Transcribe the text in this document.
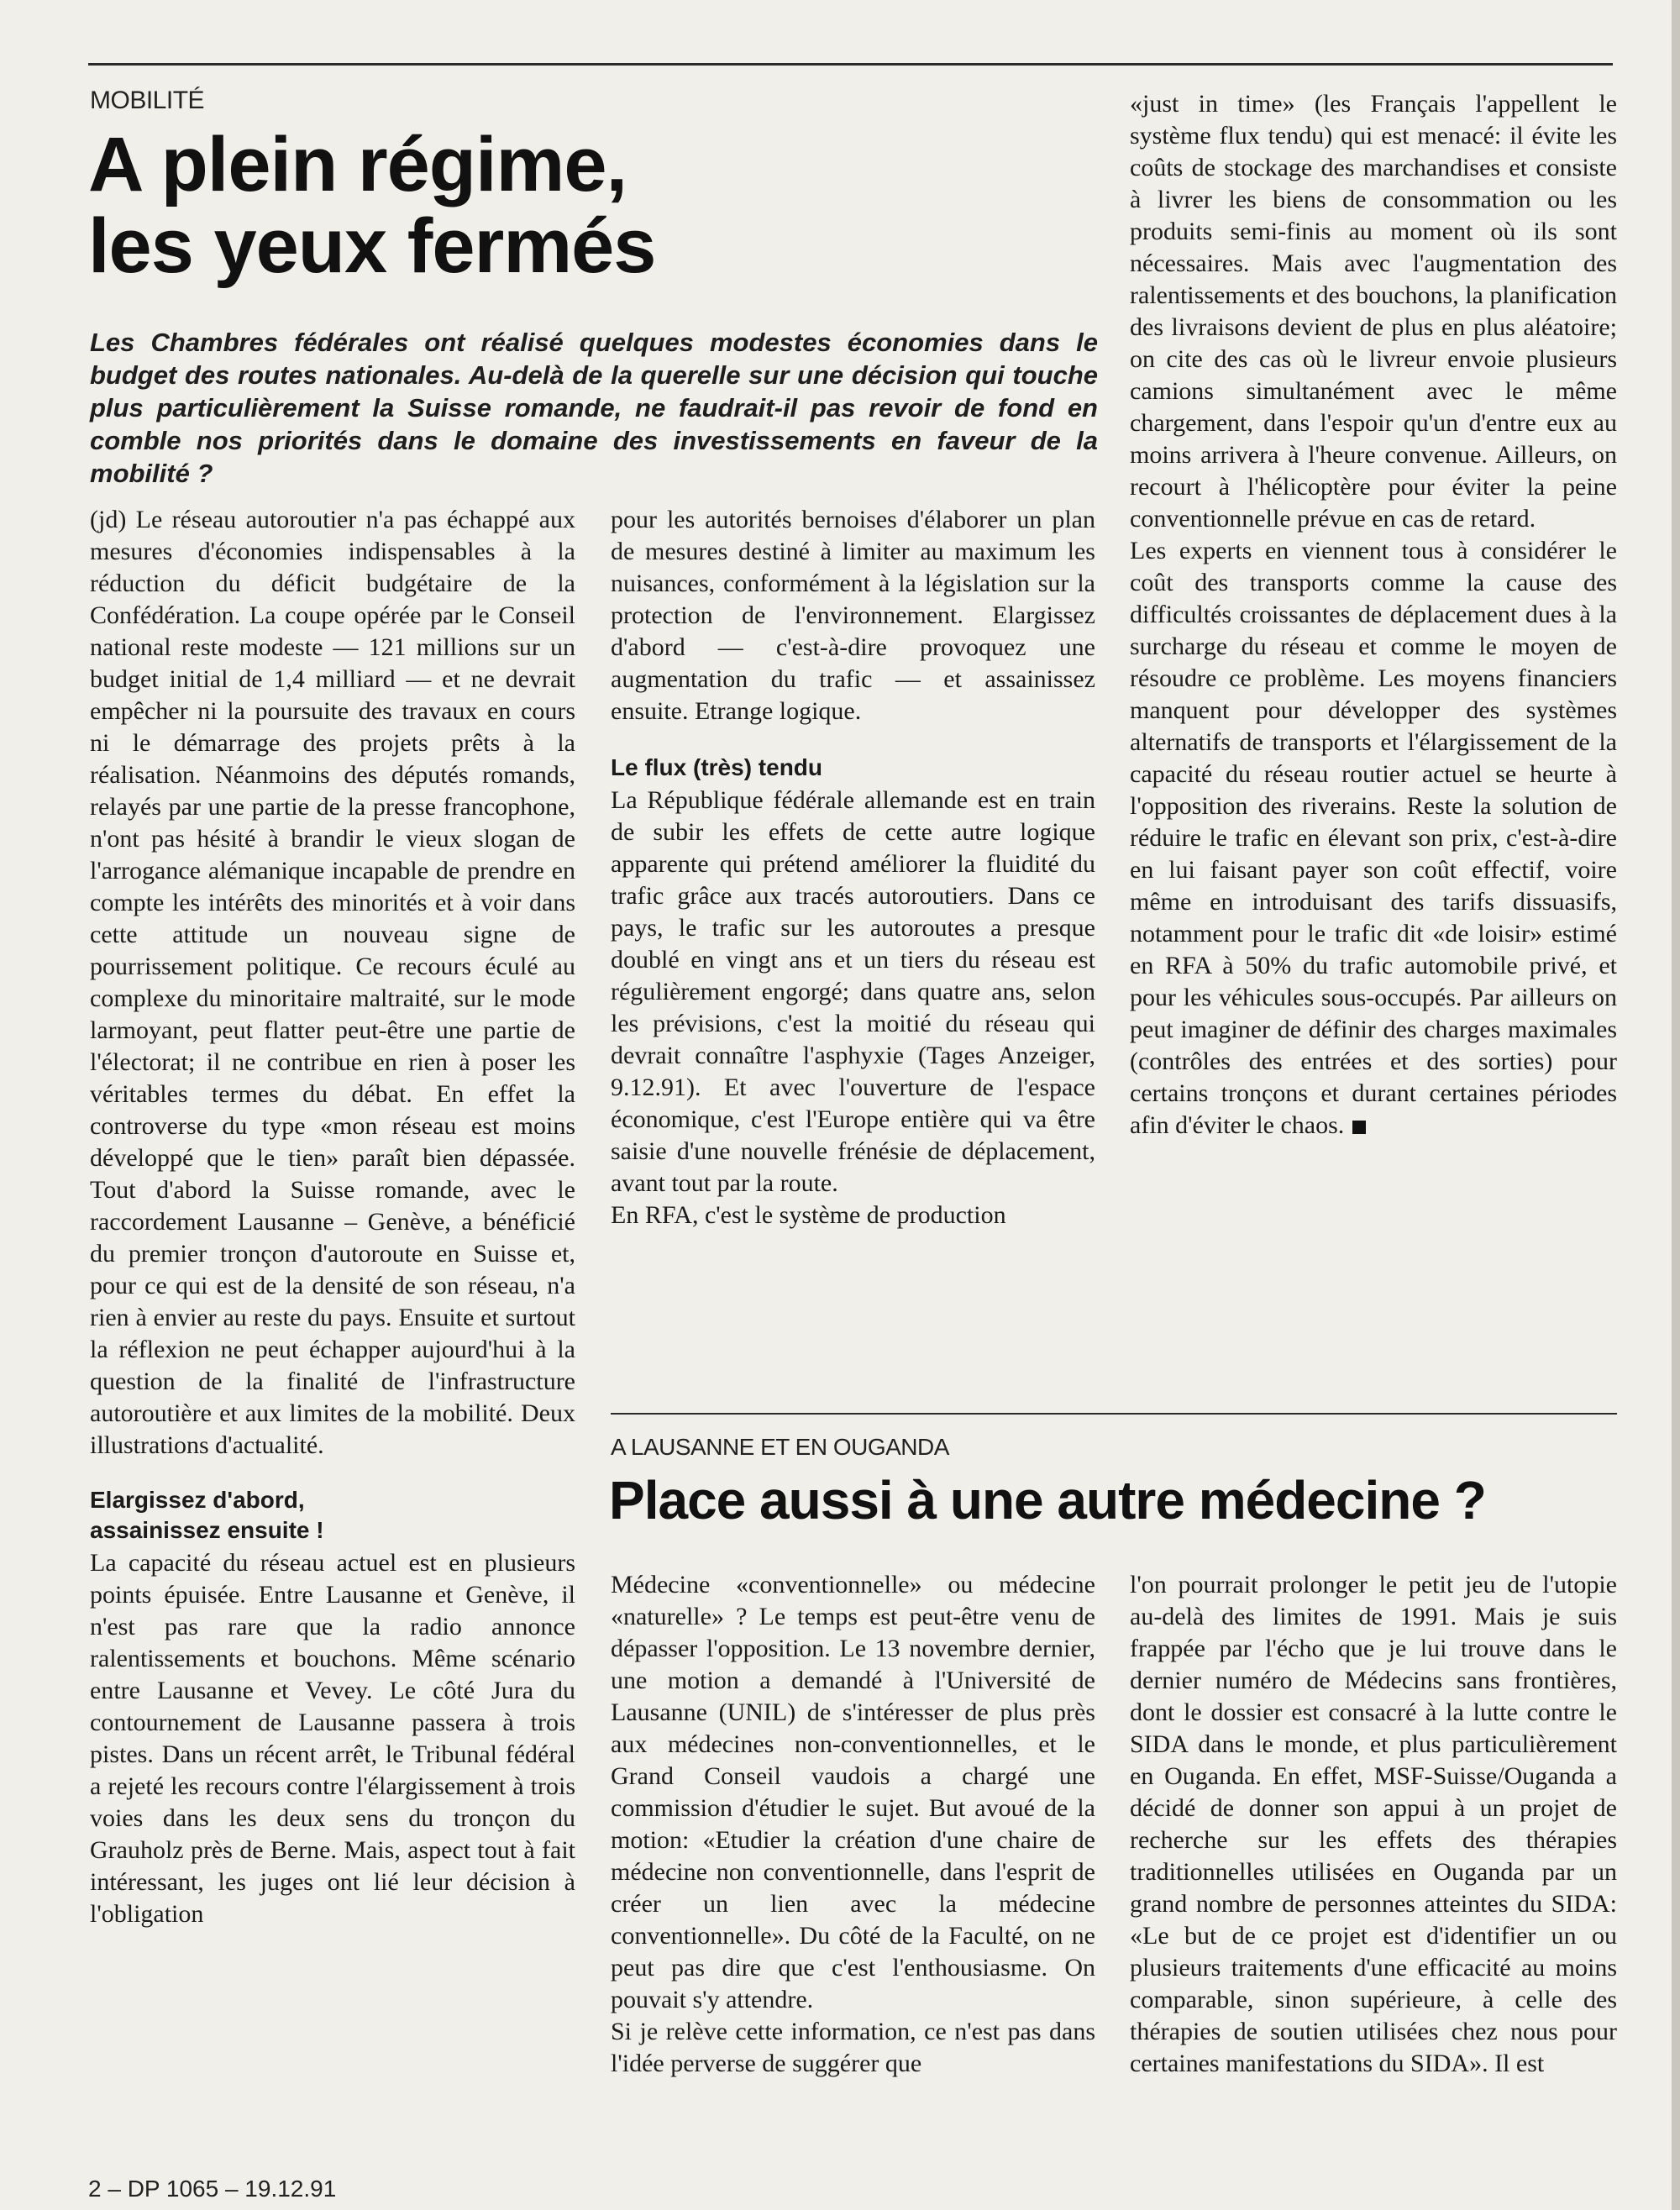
MOBILITÉ
A plein régime,
les yeux fermés
Les Chambres fédérales ont réalisé quelques modestes économies dans le budget des routes nationales. Au-delà de la querelle sur une décision qui touche plus particulièrement la Suisse romande, ne faudrait-il pas revoir de fond en comble nos priorités dans le domaine des investissements en faveur de la mobilité ?

(jd) Le réseau autoroutier n'a pas échappé aux mesures d'économies indispensables à la réduction du déficit budgétaire de la Confédération. La coupe opérée par le Conseil national reste modeste — 121 millions sur un budget initial de 1,4 milliard — et ne devrait empêcher ni la poursuite des travaux en cours ni le démarrage des projets prêts à la réalisation. Néanmoins des députés romands, relayés par une partie de la presse francophone, n'ont pas hésité à brandir le vieux slogan de l'arrogance alémanique incapable de prendre en compte les intérêts des minorités et à voir dans cette attitude un nouveau signe de pourrissement politique. Ce recours éculé au complexe du minoritaire maltraité, sur le mode larmoyant, peut flatter peut-être une partie de l'électorat; il ne contribue en rien à poser les véritables termes du débat. En effet la controverse du type «mon réseau est moins développé que le tien» paraît bien dépassée. Tout d'abord la Suisse romande, avec le raccordement Lausanne – Genève, a bénéficié du premier tronçon d'autoroute en Suisse et, pour ce qui est de la densité de son réseau, n'a rien à envier au reste du pays. Ensuite et surtout la réflexion ne peut échapper aujourd'hui à la question de la finalité de l'infrastructure autoroutière et aux limites de la mobilité. Deux illustrations d'actualité.

Elargissez d'abord,
assainissez ensuite !

La capacité du réseau actuel est en plusieurs points épuisée. Entre Lausanne et Genève, il n'est pas rare que la radio annonce ralentissements et bouchons. Même scénario entre Lausanne et Vevey. Le côté Jura du contournement de Lausanne passera à trois pistes. Dans un récent arrêt, le Tribunal fédéral a rejeté les recours contre l'élargissement à trois voies dans les deux sens du tronçon du Grauholz près de Berne. Mais, aspect tout à fait intéressant, les juges ont lié leur décision à l'obligation

pour les autorités bernoises d'élaborer un plan de mesures destiné à limiter au maximum les nuisances, conformément à la législation sur la protection de l'environnement. Elargissez d'abord — c'est-à-dire provoquez une augmentation du trafic — et assainissez ensuite. Etrange logique.

Le flux (très) tendu

La République fédérale allemande est en train de subir les effets de cette autre logique apparente qui prétend améliorer la fluidité du trafic grâce aux tracés autoroutiers. Dans ce pays, le trafic sur les autoroutes a presque doublé en vingt ans et un tiers du réseau est régulièrement engorgé; dans quatre ans, selon les prévisions, c'est la moitié du réseau qui devrait connaître l'asphyxie (Tages Anzeiger, 9.12.91). Et avec l'ouverture de l'espace économique, c'est l'Europe entière qui va être saisie d'une nouvelle frénésie de déplacement, avant tout par la route.

En RFA, c'est le système de production

«just in time» (les Français l'appellent le système flux tendu) qui est menacé: il évite les coûts de stockage des marchandises et consiste à livrer les biens de consommation ou les produits semi-finis au moment où ils sont nécessaires. Mais avec l'augmentation des ralentissements et des bouchons, la planification des livraisons devient de plus en plus aléatoire; on cite des cas où le livreur envoie plusieurs camions simultanément avec le même chargement, dans l'espoir qu'un d'entre eux au moins arrivera à l'heure convenue. Ailleurs, on recourt à l'hélicoptère pour éviter la peine conventionnelle prévue en cas de retard.

Les experts en viennent tous à considérer le coût des transports comme la cause des difficultés croissantes de déplacement dues à la surcharge du réseau et comme le moyen de résoudre ce problème. Les moyens financiers manquent pour développer des systèmes alternatifs de transports et l'élargissement de la capacité du réseau routier actuel se heurte à l'opposition des riverains. Reste la solution de réduire le trafic en élevant son prix, c'est-à-dire en lui faisant payer son coût effectif, voire même en introduisant des tarifs dissuasifs, notamment pour le trafic dit «de loisir» estimé en RFA à 50% du trafic automobile privé, et pour les véhicules sous-occupés. Par ailleurs on peut imaginer de définir des charges maximales (contrôles des entrées et des sorties) pour certains tronçons et durant certaines périodes afin d'éviter le chaos.

A LAUSANNE ET EN OUGANDA
Place aussi à une autre médecine ?

Médecine «conventionnelle» ou médecine «naturelle» ? Le temps est peut-être venu de dépasser l'opposition. Le 13 novembre dernier, une motion a demandé à l'Université de Lausanne (UNIL) de s'intéresser de plus près aux médecines non-conventionnelles, et le Grand Conseil vaudois a chargé une commission d'étudier le sujet. But avoué de la motion: «Etudier la création d'une chaire de médecine non conventionnelle, dans l'esprit de créer un lien avec la médecine conventionnelle». Du côté de la Faculté, on ne peut pas dire que c'est l'enthousiasme. On pouvait s'y attendre.

Si je relève cette information, ce n'est pas dans l'idée perverse de suggérer que

l'on pourrait prolonger le petit jeu de l'utopie au-delà des limites de 1991. Mais je suis frappée par l'écho que je lui trouve dans le dernier numéro de Médecins sans frontières, dont le dossier est consacré à la lutte contre le SIDA dans le monde, et plus particulièrement en Ouganda. En effet, MSF-Suisse/Ouganda a décidé de donner son appui à un projet de recherche sur les effets des thérapies traditionnelles utilisées en Ouganda par un grand nombre de personnes atteintes du SIDA: «Le but de ce projet est d'identifier un ou plusieurs traitements d'une efficacité au moins comparable, sinon supérieure, à celle des thérapies de soutien utilisées chez nous pour certaines manifestations du SIDA». Il est

2 – DP 1065 – 19.12.91
